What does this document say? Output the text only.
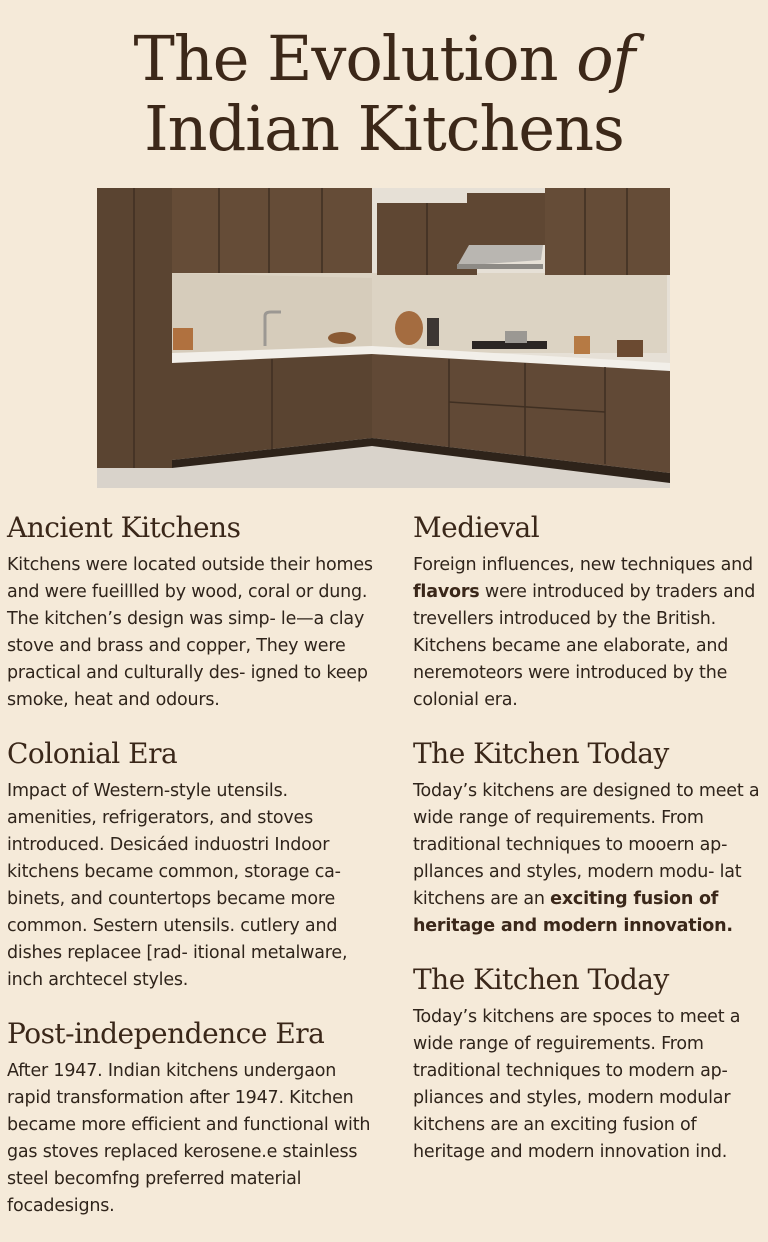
The Evolution of
Indian Kitchens
Ancient Kitchens

Kitchens were located outside their homes and were fueillled by wood, coral or dung. The kitchen’s design was simp- le—a clay stove and brass and copper, They were practical and culturally des- igned to keep smoke, heat and odours.

Colonial Era

Impact of Western-style utensils. amenities, refrigerators, and stoves introduced. Desicáed induostri Indoor kitchens became common, storage ca- binets, and countertops became more common. Sestern utensils. cutlery and dishes replacee [rad- itional metalware, inch archtecel styles.

Post-independence Era

After 1947. Indian kitchens undergaon rapid transformation after 1947. Kitchen became more efficient and functional with gas stoves replaced kerosene.e stainless steel becomfng preferred material focadesigns.

Medieval

Foreign influences, new techniques and flavors were introduced by traders and trevellers introduced by the British. Kitchens became ane elaborate, and neremoteors were introduced by the colonial era.

The Kitchen Today

Today’s kitchens are designed to meet a wide range of requirements. From traditional techniques to mooern ap- pllances and styles, modern modu- lat kitchens are an exciting fusion of heritage and modern innovation.

The Kitchen Today

Today’s kitchens are spoces to meet a wide range of reguirements. From traditional techniques to modern ap- pliances and styles, modern modular kitchens are an exciting fusion of heritage and modern innovation ind.
